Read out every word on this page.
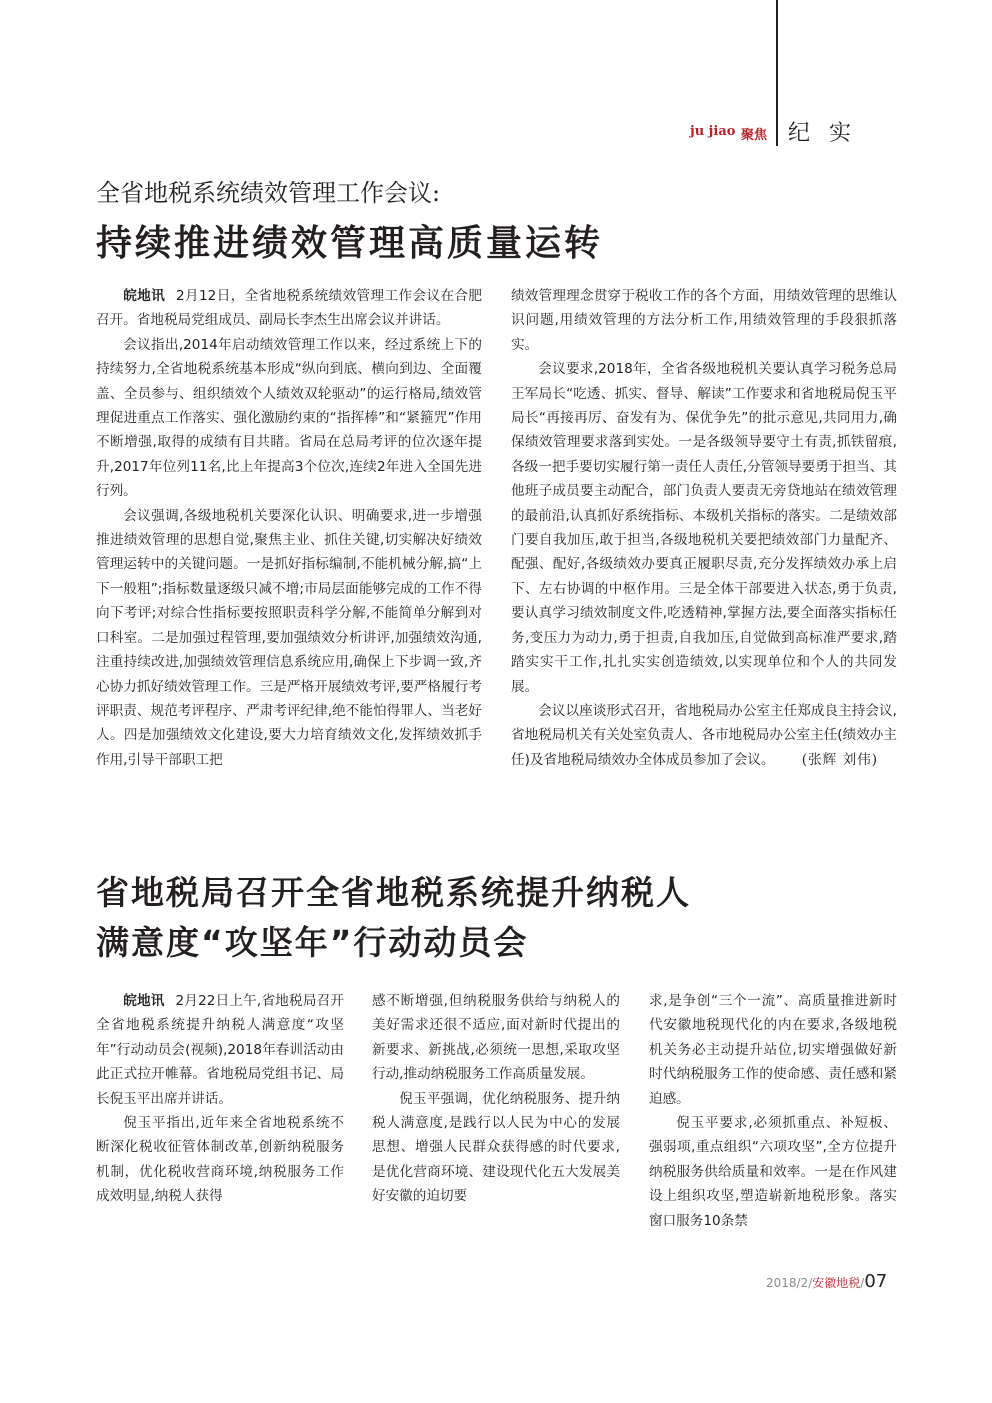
ju jiao 聚焦 纪 实
全省地税系统绩效管理工作会议:
持续推进绩效管理高质量运转

皖地讯 2月12日，全省地税系统绩效管理工作会议在合肥召开。省地税局党组成员、副局长李杰生出席会议并讲话。

会议指出,2014年启动绩效管理工作以来，经过系统上下的持续努力,全省地税系统基本形成“纵向到底、横向到边、全面覆盖、全员参与、组织绩效个人绩效双轮驱动”的运行格局,绩效管理促进重点工作落实、强化激励约束的“指挥棒”和“紧箍咒”作用不断增强,取得的成绩有目共睹。省局在总局考评的位次逐年提升,2017年位列11名,比上年提高3个位次,连续2年进入全国先进行列。

会议强调,各级地税机关要深化认识、明确要求,进一步增强推进绩效管理的思想自觉,聚焦主业、抓住关键,切实解决好绩效管理运转中的关键问题。一是抓好指标编制,不能机械分解,搞“上下一般粗”;指标数量逐级只减不增;市局层面能够完成的工作不得向下考评;对综合性指标要按照职责科学分解,不能简单分解到对口科室。二是加强过程管理,要加强绩效分析讲评,加强绩效沟通,注重持续改进,加强绩效管理信息系统应用,确保上下步调一致,齐心协力抓好绩效管理工作。三是严格开展绩效考评,要严格履行考评职责、规范考评程序、严肃考评纪律,绝不能怕得罪人、当老好人。四是加强绩效文化建设,要大力培育绩效文化,发挥绩效抓手作用,引导干部职工把

绩效管理理念贯穿于税收工作的各个方面，用绩效管理的思维认识问题,用绩效管理的方法分析工作,用绩效管理的手段狠抓落实。

会议要求,2018年，全省各级地税机关要认真学习税务总局王军局长“吃透、抓实、督导、解读”工作要求和省地税局倪玉平局长“再接再厉、奋发有为、保优争先”的批示意见,共同用力,确保绩效管理要求落到实处。一是各级领导要守土有责,抓铁留痕,各级一把手要切实履行第一责任人责任,分管领导要勇于担当、其他班子成员要主动配合，部门负责人要责无旁贷地站在绩效管理的最前沿,认真抓好系统指标、本级机关指标的落实。二是绩效部门要自我加压,敢于担当,各级地税机关要把绩效部门力量配齐、配强、配好,各级绩效办要真正履职尽责,充分发挥绩效办承上启下、左右协调的中枢作用。三是全体干部要进入状态,勇于负责,要认真学习绩效制度文件,吃透精神,掌握方法,要全面落实指标任务,变压力为动力,勇于担责,自我加压,自觉做到高标准严要求,踏踏实实干工作,扎扎实实创造绩效,以实现单位和个人的共同发展。

会议以座谈形式召开，省地税局办公室主任郑成良主持会议,省地税局机关有关处室负责人、各市地税局办公室主任(绩效办主任)及省地税局绩效办全体成员参加了会议。 (张辉 刘伟)

省地税局召开全省地税系统提升纳税人
满意度“攻坚年”行动动员会

皖地讯 2月22日上午,省地税局召开全省地税系统提升纳税人满意度“攻坚年”行动动员会(视频),2018年春训活动由此正式拉开帷幕。省地税局党组书记、局长倪玉平出席并讲话。

倪玉平指出,近年来全省地税系统不断深化税收征管体制改革,创新纳税服务机制，优化税收营商环境,纳税服务工作成效明显,纳税人获得

感不断增强,但纳税服务供给与纳税人的美好需求还很不适应,面对新时代提出的新要求、新挑战,必须统一思想,采取攻坚行动,推动纳税服务工作高质量发展。

倪玉平强调，优化纳税服务、提升纳税人满意度,是践行以人民为中心的发展思想、增强人民群众获得感的时代要求,是优化营商环境、建设现代化五大发展美好安徽的迫切要

求,是争创“三个一流”、高质量推进新时代安徽地税现代化的内在要求,各级地税机关务必主动提升站位,切实增强做好新时代纳税服务工作的使命感、责任感和紧迫感。

倪玉平要求,必须抓重点、补短板、强弱项,重点组织“六项攻坚”,全方位提升纳税服务供给质量和效率。一是在作风建设上组织攻坚,塑造崭新地税形象。落实窗口服务10条禁

2018/2/安徽地税/07
